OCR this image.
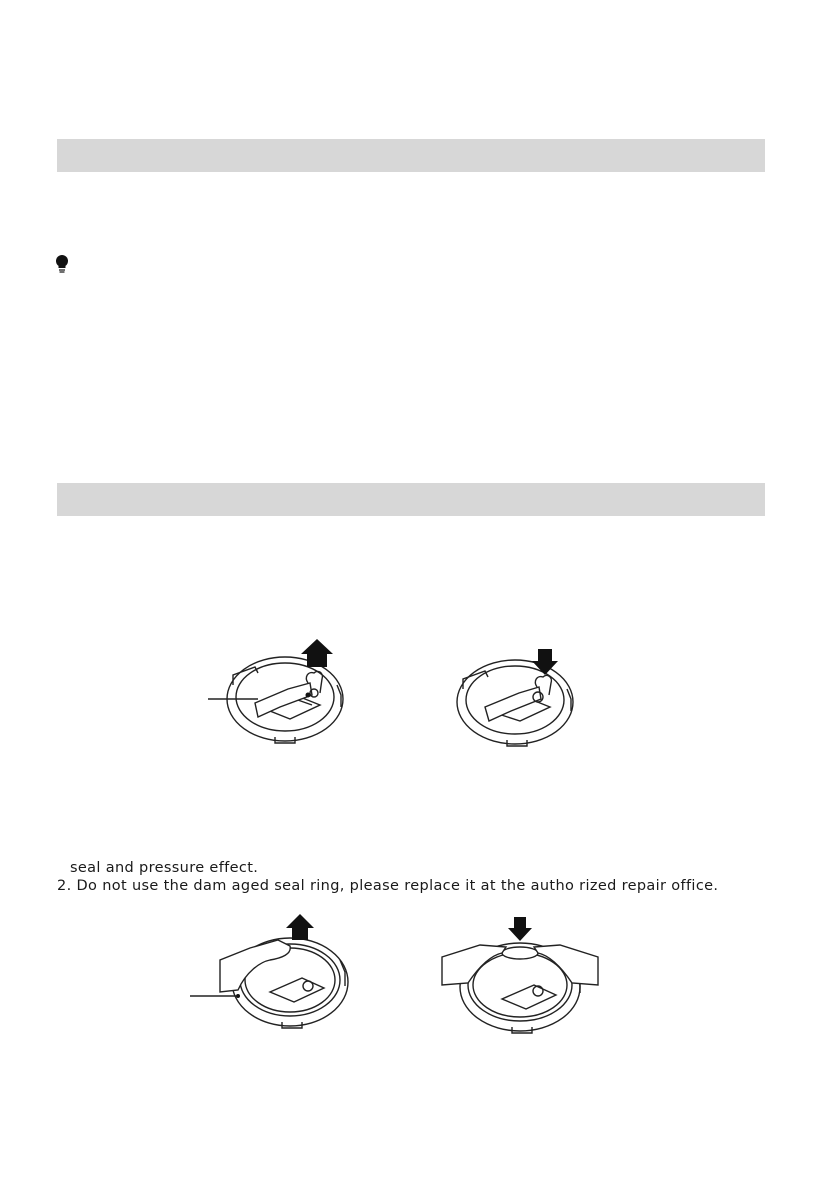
seal and pressure effect.
2. Do not use the dam aged seal ring, please replace it at the autho rized repair office.
